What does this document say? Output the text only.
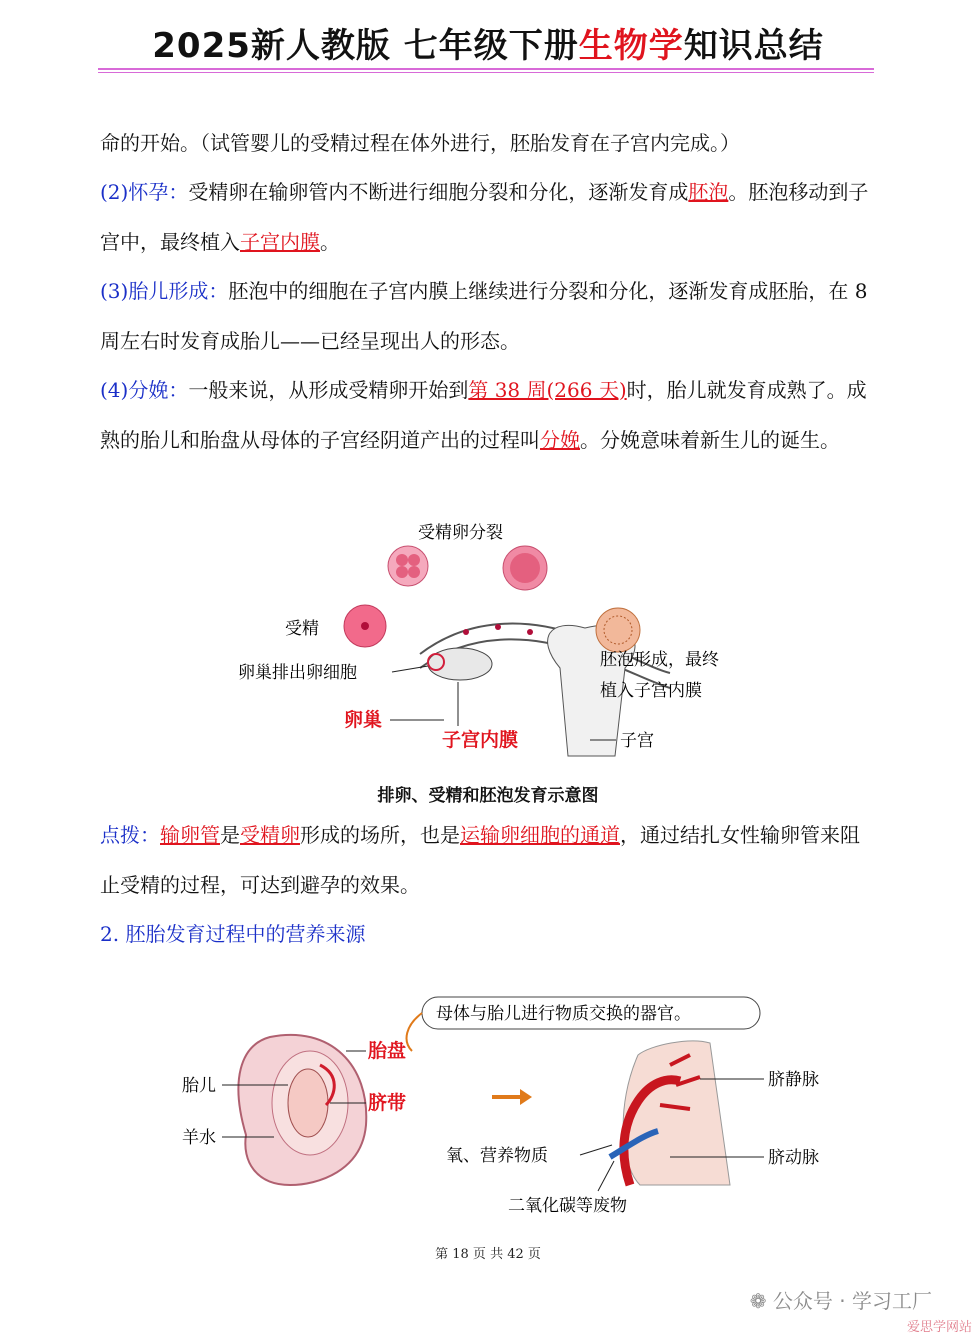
2025新人教版 七年级下册生物学知识总结
命的开始。（试管婴儿的受精过程在体外进行，胚胎发育在子宫内完成。）
(2)怀孕：受精卵在输卵管内不断进行细胞分裂和分化，逐渐发育成胚泡。胚泡移动到子宫中，最终植入子宫内膜。
(3)胎儿形成：胚泡中的细胞在子宫内膜上继续进行分裂和分化，逐渐发育成胚胎，在 8 周左右时发育成胎儿——已经呈现出人的形态。
(4)分娩：一般来说，从形成受精卵开始到第 38 周(266 天)时，胎儿就发育成熟了。成熟的胎儿和胎盘从母体的子宫经阴道产出的过程叫分娩。分娩意味着新生儿的诞生。
受精卵分裂
受精
卵巢排出卵细胞
卵巢
子宫内膜
胚泡形成，最终
植入子宫内膜
子宫
排卵、受精和胚泡发育示意图
点拨：输卵管是受精卵形成的场所，也是运输卵细胞的通道，通过结扎女性输卵管来阻止受精的过程，可达到避孕的效果。
2. 胚胎发育过程中的营养来源
母体与胎儿进行物质交换的器官。
胎盘
胎儿
脐带
羊水
脐静脉
脐动脉
氧、营养物质
二氧化碳等废物
第 18 页 共 42 页
❁ 公众号 · 学习工厂
爱思学网站
